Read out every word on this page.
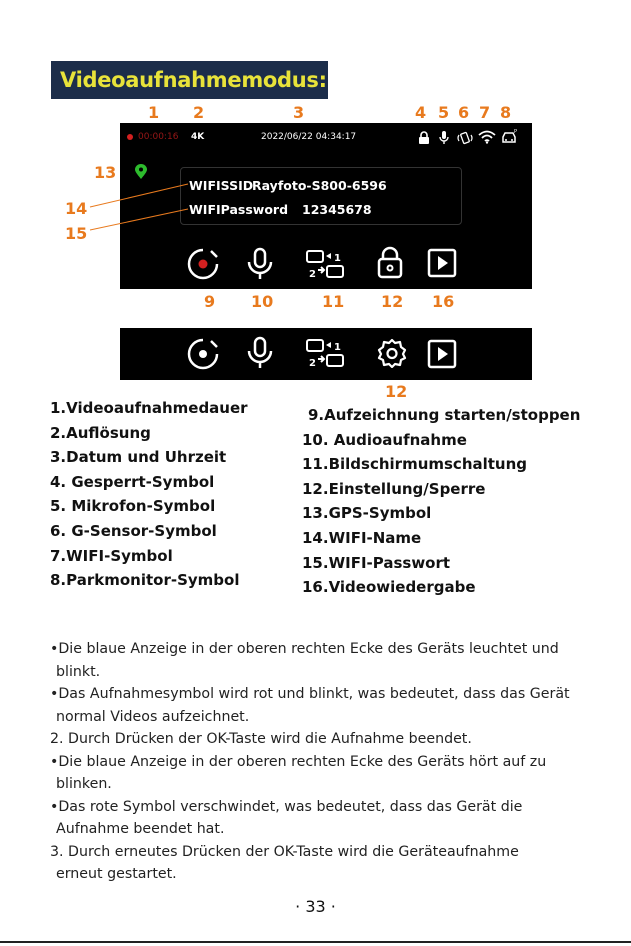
Videoaufnahmemodus:
1 2	3	4 5 6 7 8
13
14
15
00:00:16 4K	2022/06/22 04:34:17	P
WIFISSID
Rayfoto-S800-6596
WIFIPassword 12345678
1
2
9 10	11 12 16
1
2
12
1.Videoaufnahmedauer
2.Auflösung
3.Datum und Uhrzeit
4. Gesperrt-Symbol
5. Mikrofon-Symbol
6. G-Sensor-Symbol
7.WIFI-Symbol
8.Parkmonitor-Symbol
9.Aufzeichnung starten/stoppen
10. Audioaufnahme
11.Bildschirmumschaltung
12.Einstellung/Sperre
13.GPS-Symbol
14.WIFI-Name
15.WIFI-Passwort
16.Videowiedergabe
•Die blaue Anzeige in der oberen rechten Ecke des Geräts leuchtet und
blinkt.
•Das Aufnahmesymbol wird rot und blinkt, was bedeutet, dass das Gerät
normal Videos aufzeichnet.
2. Durch Drücken der OK-Taste wird die Aufnahme beendet.
•Die blaue Anzeige in der oberen rechten Ecke des Geräts hört auf zu
blinken.
•Das rote Symbol verschwindet, was bedeutet, dass das Gerät die
Aufnahme beendet hat.
3. Durch erneutes Drücken der OK-Taste wird die Geräteaufnahme
erneut gestartet.
· 33 ·
